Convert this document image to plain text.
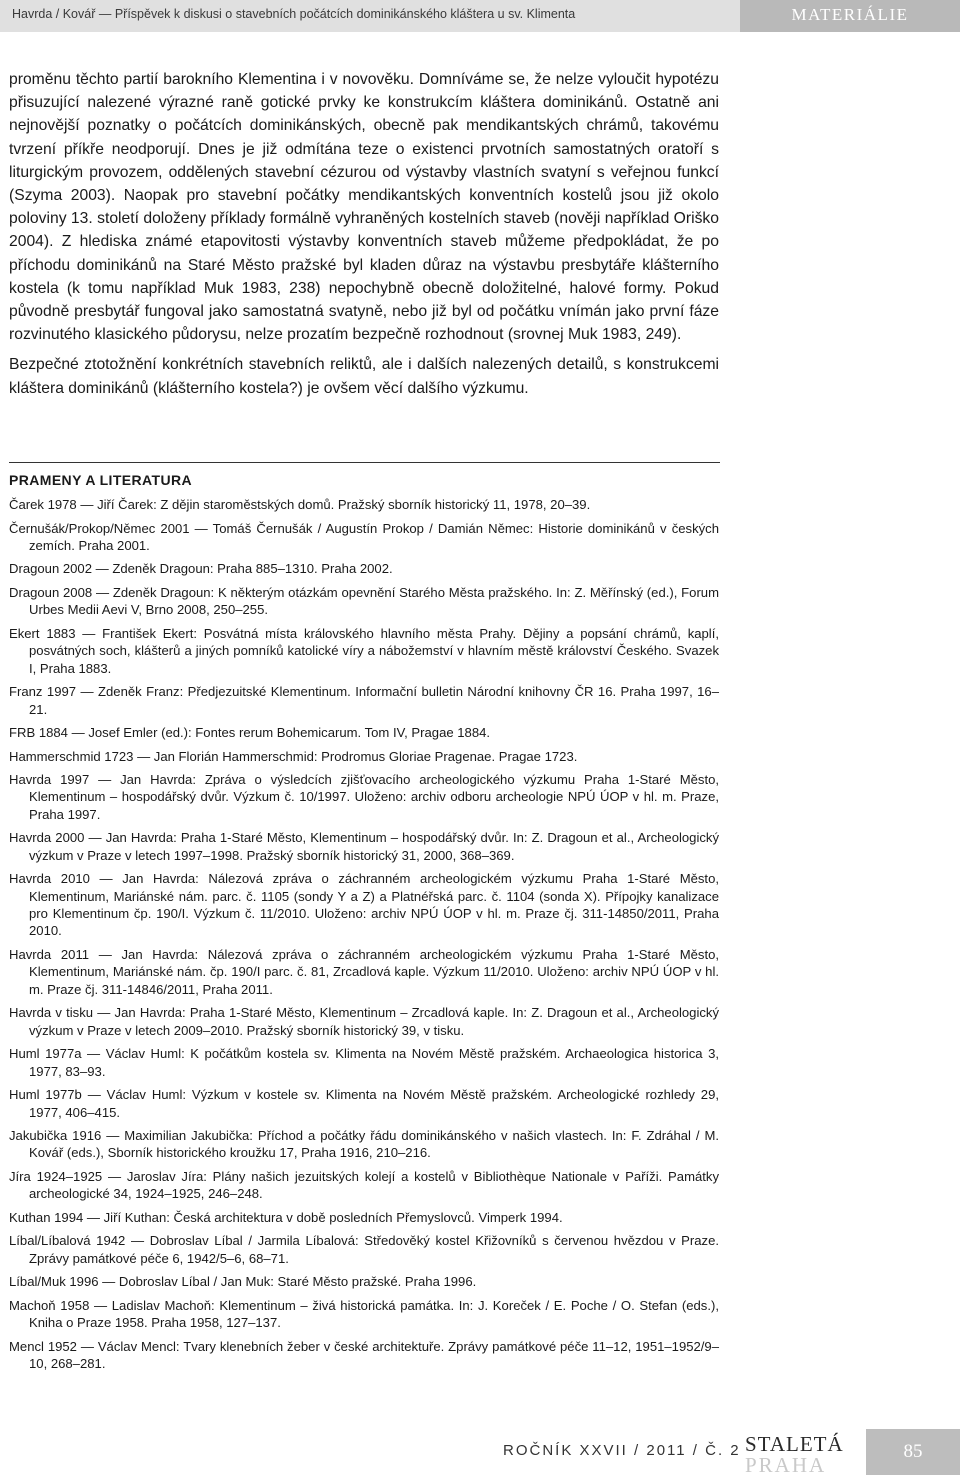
Havrda / Kovář — Příspěvek k diskusi o stavebních počátcích dominikánského kláštera u sv. Klimenta	MATERIÁLIE

proměnu těchto partií barokního Klementina i v novověku. Domníváme se, že nelze vyloučit hypotézu přisuzující nalezené výrazné raně gotické prvky ke konstrukcím kláštera dominikánů. Ostatně ani nejnovější poznatky o počátcích dominikánských, obecně pak mendikantských chrámů, takovému tvrzení příkře neodporují. Dnes je již odmítána teze o existenci prvotních samostatných oratoří s liturgickým provozem, oddělených stavební cézurou od výstavby vlastních svatyní s veřejnou funkcí (Szyma 2003). Naopak pro stavební počátky mendikantských konventních kostelů jsou již okolo poloviny 13. století doloženy příklady formálně vyhraněných kostelních staveb (nověji například Oriško 2004). Z hlediska známé etapovitosti výstavby konventních staveb můžeme předpokládat, že po příchodu dominikánů na Staré Město pražské byl kladen důraz na výstavbu presbytáře klášterního kostela (k tomu například Muk 1983, 238) nepochybně obecně doložitelné, halové formy. Pokud původně presbytář fungoval jako samostatná svatyně, nebo již byl od počátku vnímán jako první fáze rozvinutého klasického půdorysu, nelze prozatím bezpečně rozhodnout (srovnej Muk 1983, 249).

Bezpečné ztotožnění konkrétních stavebních reliktů, ale i dalších nalezených detailů, s konstrukcemi kláštera dominikánů (klášterního kostela?) je ovšem věcí dalšího výzkumu.

PRAMENY A LITERATURA

Čarek 1978 — Jiří Čarek: Z dějin staroměstských domů. Pražský sborník historický 11, 1978, 20–39.

Černušák/Prokop/Němec 2001 — Tomáš Černušák / Augustín Prokop / Damián Němec: Historie dominikánů v českých zemích. Praha 2001.

Dragoun 2002 — Zdeněk Dragoun: Praha 885–1310. Praha 2002.

Dragoun 2008 — Zdeněk Dragoun: K některým otázkám opevnění Starého Města pražského. In: Z. Měřínský (ed.), Forum Urbes Medii Aevi V, Brno 2008, 250–255.

Ekert 1883 — František Ekert: Posvátná místa královského hlavního města Prahy. Dějiny a popsání chrámů, kaplí, posvátných soch, klášterů a jiných pomníků katolické víry a nábožemství v hlavním městě království Českého. Svazek I, Praha 1883.

Franz 1997 — Zdeněk Franz: Předjezuitské Klementinum. Informační bulletin Národní knihovny ČR 16. Praha 1997, 16–21.

FRB 1884 — Josef Emler (ed.): Fontes rerum Bohemicarum. Tom IV, Pragae 1884.

Hammerschmid 1723 — Jan Florián Hammerschmid: Prodromus Gloriae Pragenae. Pragae 1723.

Havrda 1997 — Jan Havrda: Zpráva o výsledcích zjišťovacího archeologického výzkumu Praha 1-Staré Město, Klementinum – hospodářský dvůr. Výzkum č. 10/1997. Uloženo: archiv odboru archeologie NPÚ ÚOP v hl. m. Praze, Praha 1997.

Havrda 2000 — Jan Havrda: Praha 1-Staré Město, Klementinum – hospodářský dvůr. In: Z. Dragoun et al., Archeologický výzkum v Praze v letech 1997–1998. Pražský sborník historický 31, 2000, 368–369.

Havrda 2010 — Jan Havrda: Nálezová zpráva o záchranném archeologickém výzkumu Praha 1-Staré Město, Klementinum, Mariánské nám. parc. č. 1105 (sondy Y a Z) a Platnéřská parc. č. 1104 (sonda X). Přípojky kanalizace pro Klementinum čp. 190/I. Výzkum č. 11/2010. Uloženo: archiv NPÚ ÚOP v hl. m. Praze čj. 311-14850/2011, Praha 2010.

Havrda 2011 — Jan Havrda: Nálezová zpráva o záchranném archeologickém výzkumu Praha 1-Staré Město, Klementinum, Mariánské nám. čp. 190/I parc. č. 81, Zrcadlová kaple. Výzkum 11/2010. Uloženo: archiv NPÚ ÚOP v hl. m. Praze čj. 311-14846/2011, Praha 2011.

Havrda v tisku — Jan Havrda: Praha 1-Staré Město, Klementinum – Zrcadlová kaple. In: Z. Dragoun et al., Archeologický výzkum v Praze v letech 2009–2010. Pražský sborník historický 39, v tisku.

Huml 1977a — Václav Huml: K počátkům kostela sv. Klimenta na Novém Městě pražském. Archaeologica historica 3, 1977, 83–93.

Huml 1977b — Václav Huml: Výzkum v kostele sv. Klimenta na Novém Městě pražském. Archeologické rozhledy 29, 1977, 406–415.

Jakubička 1916 — Maximilian Jakubička: Příchod a počátky řádu dominikánského v našich vlastech. In: F. Zdráhal / M. Kovář (eds.), Sborník historického kroužku 17, Praha 1916, 210–216.

Jíra 1924–1925 — Jaroslav Jíra: Plány našich jezuitských kolejí a kostelů v Bibliothèque Nationale v Paříži. Památky archeologické 34, 1924–1925, 246–248.

Kuthan 1994 — Jiří Kuthan: Česká architektura v době posledních Přemyslovců. Vimperk 1994.

Líbal/Líbalová 1942 — Dobroslav Líbal / Jarmila Líbalová: Středověký kostel Křižovníků s červenou hvězdou v Praze. Zprávy památkové péče 6, 1942/5–6, 68–71.

Líbal/Muk 1996 — Dobroslav Líbal / Jan Muk: Staré Město pražské. Praha 1996.

Machoň 1958 — Ladislav Machoň: Klementinum – živá historická památka. In: J. Koreček / E. Poche / O. Stefan (eds.), Kniha o Praze 1958. Praha 1958, 127–137.

Mencl 1952 — Václav Mencl: Tvary klenebních žeber v české architektuře. Zprávy památkové péče 11–12, 1951–1952/9–10, 268–281.

ROČNÍK XXVII / 2011 / Č. 2 STALETÁ
PRAHA
85
